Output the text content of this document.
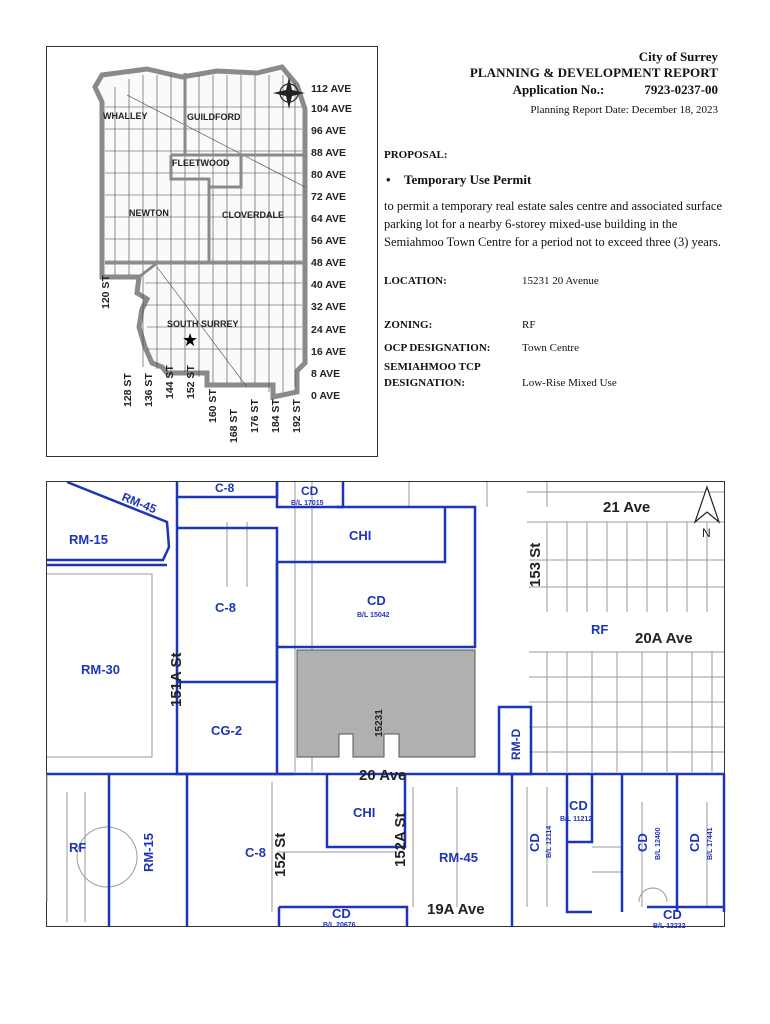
City of Surrey
PLANNING & DEVELOPMENT REPORT
Application No.:	7923-0237-00
Planning Report Date: December 18, 2023
PROPOSAL:
• Temporary Use Permit
to permit a temporary real estate sales centre and associated surface parking lot for a nearby 6-storey mixed-use building in the Semiahmoo Town Centre for a period not to exceed three (3) years.
LOCATION:	15231 20 Avenue
ZONING:	RF
OCP DESIGNATION:	Town Centre
SEMIAHMOO TCP
DESIGNATION:	Low-Rise Mixed Use
WHALLEY	GUILDFORD
FLEETWOOD
NEWTON	CLOVERDALE
SOUTH SURREY
★
112 AVE
104 AVE
96 AVE
88 AVE
80 AVE
72 AVE
64 AVE
56 AVE
48 AVE
40 AVE
32 AVE
24 AVE
16 AVE
8 AVE
0 AVE
120 ST
128 ST 136 ST 144 ST 152 ST
160 ST
168 ST 176 ST 184 ST 192 ST
N
21 Ave
20A Ave
20 Ave
19A Ave
153 St
151A St
152 St	152A St
C-8	CD
B/L 17015
RM-45
RM-15	CHI
CD
B/L 15042
C-8
RM-30
CG-2
RF
RM-D
RF	RM-15	C-8
CHI
RM-45
CD B/L 12114
CD
B/L 11212
CD B/L 12400 CD B/L 17441
CD
B/L 20676
CD
B/L 12232
15231
